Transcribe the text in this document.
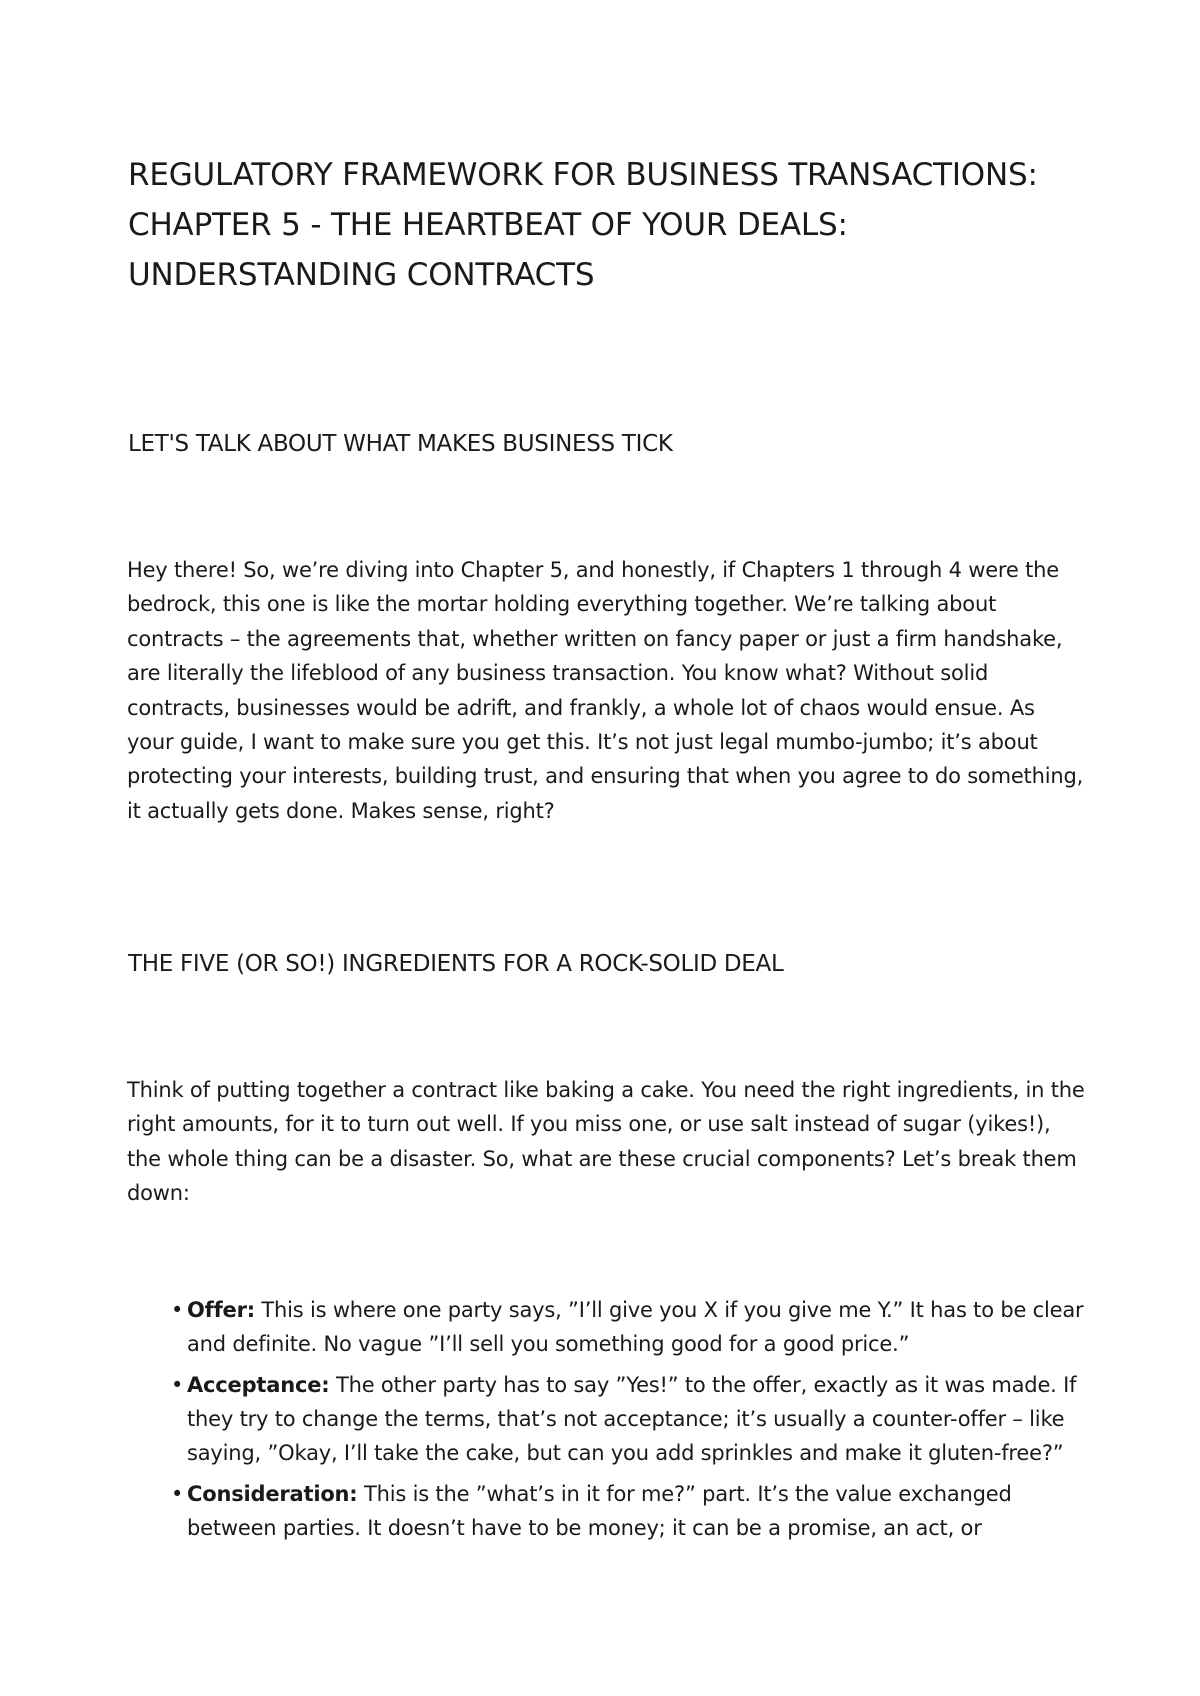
REGULATORY FRAMEWORK FOR BUSINESS TRANSACTIONS: CHAPTER 5 - THE HEARTBEAT OF YOUR DEALS: UNDERSTANDING CONTRACTS
LET'S TALK ABOUT WHAT MAKES BUSINESS TICK

Hey there! So, we’re diving into Chapter 5, and honestly, if Chapters 1 through 4 were the bedrock, this one is like the mortar holding everything together. We’re talking about contracts – the agreements that, whether written on fancy paper or just a firm handshake, are literally the lifeblood of any business transaction. You know what? Without solid contracts, businesses would be adrift, and frankly, a whole lot of chaos would ensue. As your guide, I want to make sure you get this. It’s not just legal mumbo-jumbo; it’s about protecting your interests, building trust, and ensuring that when you agree to do something, it actually gets done. Makes sense, right?

THE FIVE (OR SO!) INGREDIENTS FOR A ROCK-SOLID DEAL

Think of putting together a contract like baking a cake. You need the right ingredients, in the right amounts, for it to turn out well. If you miss one, or use salt instead of sugar (yikes!), the whole thing can be a disaster. So, what are these crucial components? Let’s break them down:

• Offer: This is where one party says, ”I’ll give you X if you give me Y.” It has to be clear and definite. No vague ”I’ll sell you something good for a good price.”
• Acceptance: The other party has to say ”Yes!” to the offer, exactly as it was made. If they try to change the terms, that’s not acceptance; it’s usually a counter-offer – like saying, ”Okay, I’ll take the cake, but can you add sprinkles and make it gluten-free?”
• Consideration: This is the ”what’s in it for me?” part. It’s the value exchanged between parties. It doesn’t have to be money; it can be a promise, an act, or
